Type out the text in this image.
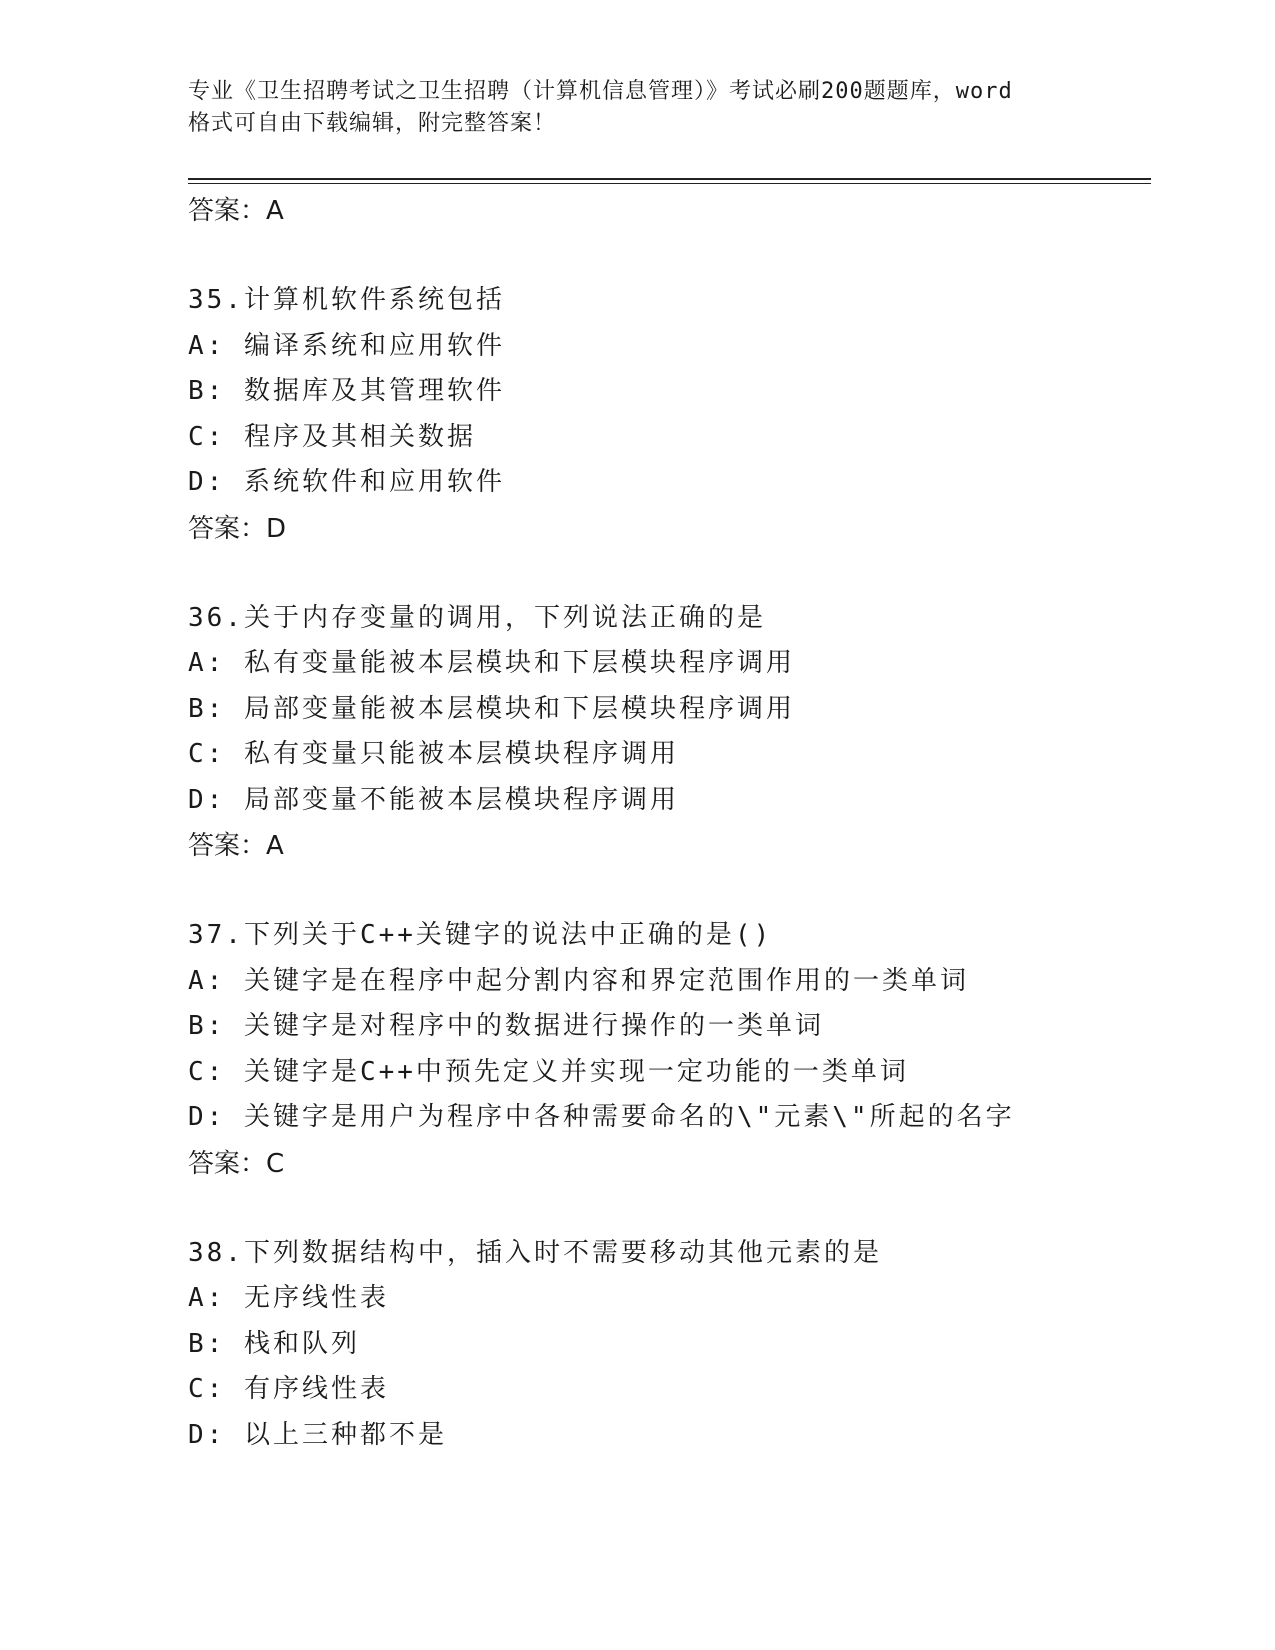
专业《卫生招聘考试之卫生招聘（计算机信息管理）》考试必刷200题题库，word
格式可自由下载编辑，附完整答案！
答案：A
35.计算机软件系统包括
A: 编译系统和应用软件
B: 数据库及其管理软件
C: 程序及其相关数据
D: 系统软件和应用软件
答案：D
36.关于内存变量的调用，下列说法正确的是
A: 私有变量能被本层模块和下层模块程序调用
B: 局部变量能被本层模块和下层模块程序调用
C: 私有变量只能被本层模块程序调用
D: 局部变量不能被本层模块程序调用
答案：A
37.下列关于C++关键字的说法中正确的是()
A: 关键字是在程序中起分割内容和界定范围作用的一类单词
B: 关键字是对程序中的数据进行操作的一类单词
C: 关键字是C++中预先定义并实现一定功能的一类单词
D: 关键字是用户为程序中各种需要命名的\"元素\"所起的名字
答案：C
38.下列数据结构中，插入时不需要移动其他元素的是
A: 无序线性表
B: 栈和队列
C: 有序线性表
D: 以上三种都不是
